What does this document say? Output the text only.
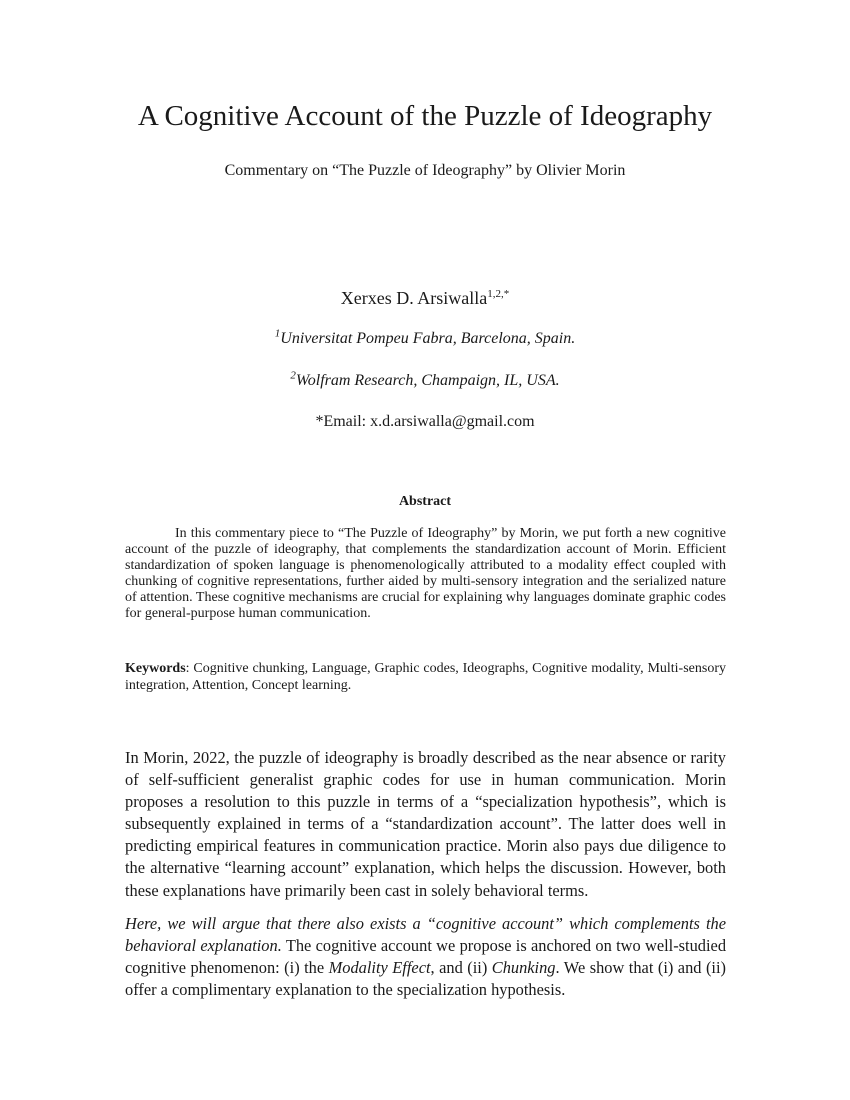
A Cognitive Account of the Puzzle of Ideography
Commentary on “The Puzzle of Ideography” by Olivier Morin
Xerxes D. Arsiwalla$^{1,2,*}$
$^1$Universitat Pompeu Fabra, Barcelona, Spain.
$^2$Wolfram Research, Champaign, IL, USA.
*Email: x.d.arsiwalla@gmail.com
Abstract

In this commentary piece to “The Puzzle of Ideography” by Morin, we put forth a new cognitive account of the puzzle of ideography, that complements the standardization account of Morin. Efficient standardization of spoken language is phenomenologically attributed to a modality effect coupled with chunking of cognitive representations, further aided by multi-sensory integration and the serialized nature of attention. These cognitive mechanisms are crucial for explaining why languages dominate graphic codes for general-purpose human communication.

Keywords: Cognitive chunking, Language, Graphic codes, Ideographs, Cognitive modality, Multi-sensory integration, Attention, Concept learning.

In Morin, 2022, the puzzle of ideography is broadly described as the near absence or rarity of self-sufficient generalist graphic codes for use in human communication. Morin proposes a resolution to this puzzle in terms of a “specialization hypothesis”, which is subsequently explained in terms of a “standardization account”. The latter does well in predicting empirical features in communication practice. Morin also pays due diligence to the alternative “learning account” explanation, which helps the discussion. However, both these explanations have primarily been cast in solely behavioral terms.

Here, we will argue that there also exists a “cognitive account” which complements the behavioral explanation. The cognitive account we propose is anchored on two well-studied cognitive phenomenon: (i) the Modality Effect, and (ii) Chunking. We show that (i) and (ii) offer a complimentary explanation to the specialization hypothesis.
